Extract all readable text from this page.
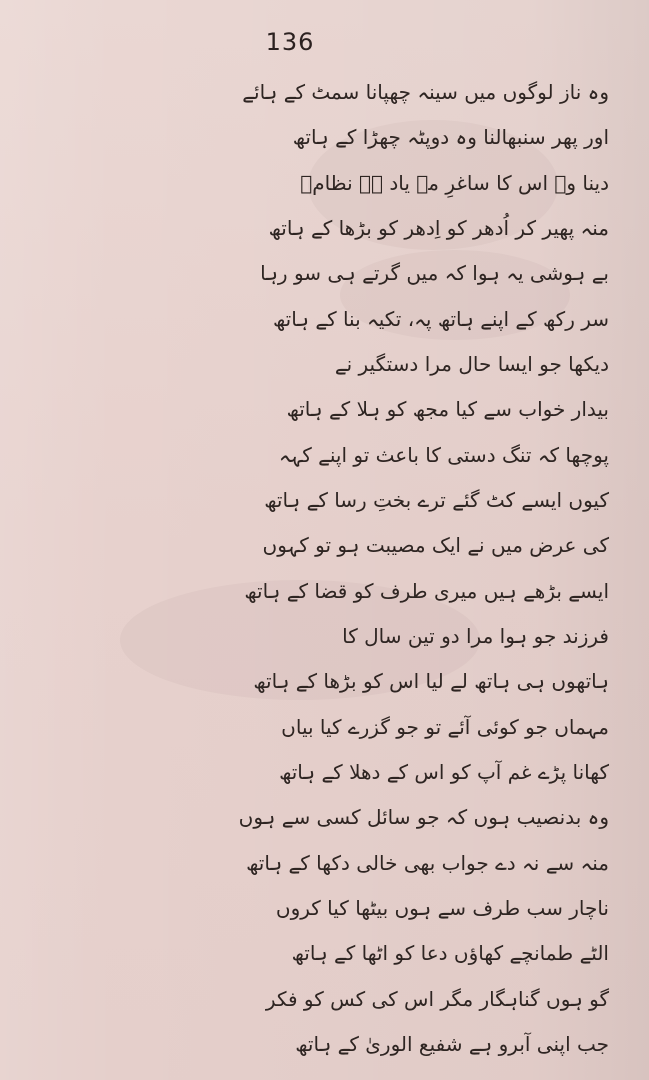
136
وہ ناز لوگوں میں سینہ چھپانا سمٹ کے ہائے
اور پھر سنبھالنا وہ دوپٹہ چھڑا کے ہاتھ
دینا وہ اس کا ساغرِ مے یاد ہے نظامؔ
منہ پھیر کر اُدھر کو اِدھر کو بڑھا کے ہاتھ
بے ہوشی یہ ہوا کہ میں گرتے ہی سو رہا
سر رکھ کے اپنے ہاتھ پہ، تکیہ بنا کے ہاتھ
دیکھا جو ایسا حال مرا دستگیر نے
بیدار خواب سے کیا مجھ کو ہلا کے ہاتھ
پوچھا کہ تنگ دستی کا باعث تو اپنے کہہ
کیوں ایسے کٹ گئے ترے بختِ رسا کے ہاتھ
کی عرض میں نے ایک مصیبت ہو تو کہوں
ایسے بڑھے ہیں میری طرف کو قضا کے ہاتھ
فرزند جو ہوا مرا دو تین سال کا
ہاتھوں ہی ہاتھ لے لیا اس کو بڑھا کے ہاتھ
مہماں جو کوئی آئے تو جو گزرے کیا بیاں
کھانا پڑے غم آپ کو اس کے دھلا کے ہاتھ
وہ بدنصیب ہوں کہ جو سائل کسی سے ہوں
منہ سے نہ دے جواب بھی خالی دکھا کے ہاتھ
ناچار سب طرف سے ہوں بیٹھا کیا کروں
الٹے طمانچے کھاؤں دعا کو اٹھا کے ہاتھ
گو ہوں گناہگار مگر اس کی کس کو فکر
جب اپنی آبرو ہے شفیع الوریٰ کے ہاتھ
